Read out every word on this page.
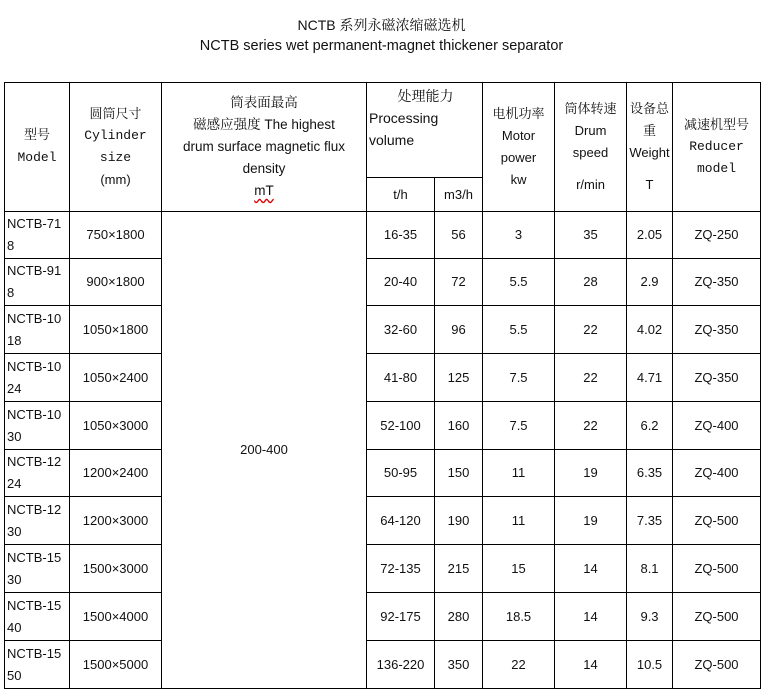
NCTB 系列永磁浓缩磁选机
NCTB series wet permanent-magnet thickener separator
型号
Model	圆筒尺寸
Cylinder
size
(mm)	筒表面最高
磁感应强度 The highest
drum surface magnetic flux
density
mT	处理能力
Processing
volume		电机功率
Motor
power
kw	筒体转速
Drum
speed
r/min	设备总
重
Weight
T	减速机型号
Reducer
model

			t/h	m3/h				
NCTB-71
8	750×1800	200-400	16-35	56	3	35	2.05	ZQ-250
NCTB-91
8	900×1800		20-40	72	5.5	28	2.9	ZQ-350
NCTB-10
18	1050×1800		32-60	96	5.5	22	4.02	ZQ-350
NCTB-10
24	1050×2400		41-80	125	7.5	22	4.71	ZQ-350
NCTB-10
30	1050×3000		52-100	160	7.5	22	6.2	ZQ-400
NCTB-12
24	1200×2400		50-95	150	11	19	6.35	ZQ-400
NCTB-12
30	1200×3000		64-120	190	11	19	7.35	ZQ-500
NCTB-15
30	1500×3000		72-135	215	15	14	8.1	ZQ-500
NCTB-15
40	1500×4000		92-175	280	18.5	14	9.3	ZQ-500
NCTB-15
50	1500×5000		136-220	350	22	14	10.5	ZQ-500
